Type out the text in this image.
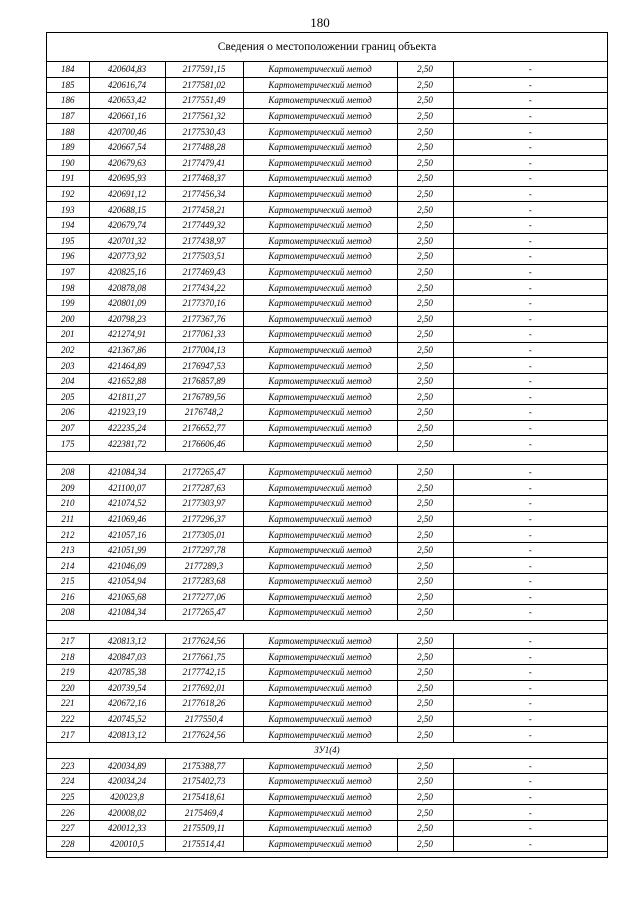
180
Сведения о местоположении границ объекта
184	420604,83	2177591,15	Картометрический метод	2,50	-
185	420616,74	2177581,02	Картометрический метод	2,50	-
186	420653,42	2177551,49	Картометрический метод	2,50	-
187	420661,16	2177561,32	Картометрический метод	2,50	-
188	420700,46	2177530,43	Картометрический метод	2,50	-
189	420667,54	2177488,28	Картометрический метод	2,50	-
190	420679,63	2177479,41	Картометрический метод	2,50	-
191	420695,93	2177468,37	Картометрический метод	2,50	-
192	420691,12	2177456,34	Картометрический метод	2,50	-
193	420688,15	2177458,21	Картометрический метод	2,50	-
194	420679,74	2177449,32	Картометрический метод	2,50	-
195	420701,32	2177438,97	Картометрический метод	2,50	-
196	420773,92	2177503,51	Картометрический метод	2,50	-
197	420825,16	2177469,43	Картометрический метод	2,50	-
198	420878,08	2177434,22	Картометрический метод	2,50	-
199	420801,09	2177370,16	Картометрический метод	2,50	-
200	420798,23	2177367,76	Картометрический метод	2,50	-
201	421274,91	2177061,33	Картометрический метод	2,50	-
202	421367,86	2177004,13	Картометрический метод	2,50	-
203	421464,89	2176947,53	Картометрический метод	2,50	-
204	421652,88	2176857,89	Картометрический метод	2,50	-
205	421811,27	2176789,56	Картометрический метод	2,50	-
206	421923,19	2176748,2	Картометрический метод	2,50	-
207	422235,24	2176652,77	Картометрический метод	2,50	-
175	422381,72	2176606,46	Картометрический метод	2,50	-

208	421084,34	2177265,47	Картометрический метод	2,50	-
209	421100,07	2177287,63	Картометрический метод	2,50	-
210	421074,52	2177303,97	Картометрический метод	2,50	-
211	421069,46	2177296,37	Картометрический метод	2,50	-
212	421057,16	2177305,01	Картометрический метод	2,50	-
213	421051,99	2177297,78	Картометрический метод	2,50	-
214	421046,09	2177289,3	Картометрический метод	2,50	-
215	421054,94	2177283,68	Картометрический метод	2,50	-
216	421065,68	2177277,06	Картометрический метод	2,50	-
208	421084,34	2177265,47	Картометрический метод	2,50	-

217	420813,12	2177624,56	Картометрический метод	2,50	-
218	420847,03	2177661,75	Картометрический метод	2,50	-
219	420785,38	2177742,15	Картометрический метод	2,50	-
220	420739,54	2177692,01	Картометрический метод	2,50	-
221	420672,16	2177618,26	Картометрический метод	2,50	-
222	420745,52	2177550,4	Картометрический метод	2,50	-
217	420813,12	2177624,56	Картометрический метод	2,50	-
ЗУ1(4)					
223	420034,89	2175388,77	Картометрический метод	2,50	-
224	420034,24	2175402,73	Картометрический метод	2,50	-
225	420023,8	2175418,61	Картометрический метод	2,50	-
226	420008,02	2175469,4	Картометрический метод	2,50	-
227	420012,33	2175509,11	Картометрический метод	2,50	-
228	420010,5	2175514,41	Картометрический метод	2,50	-
